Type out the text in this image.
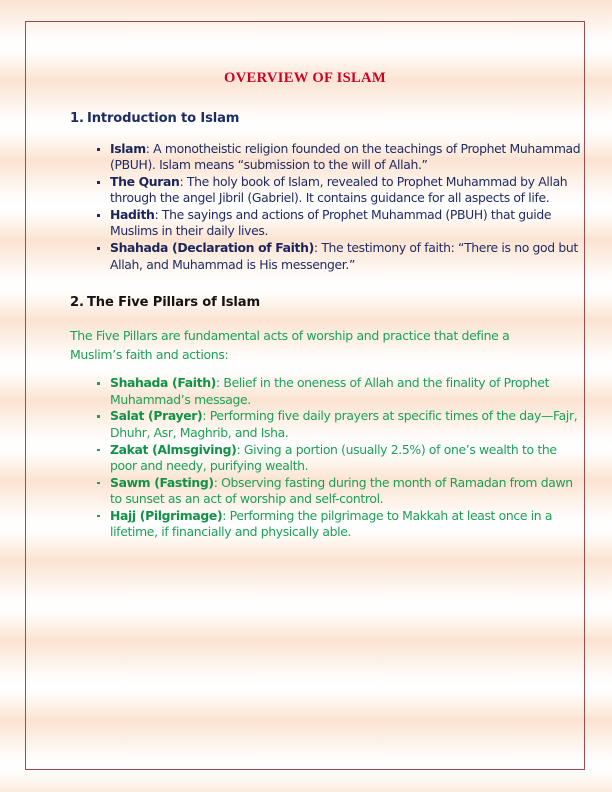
OVERVIEW OF ISLAM
1. Introduction to Islam
Islam: A monotheistic religion founded on the teachings of Prophet Muhammad (PBUH). Islam means “submission to the will of Allah.”
The Quran: The holy book of Islam, revealed to Prophet Muhammad by Allah through the angel Jibril (Gabriel). It contains guidance for all aspects of life.
Hadith: The sayings and actions of Prophet Muhammad (PBUH) that guide Muslims in their daily lives.
Shahada (Declaration of Faith): The testimony of faith: “There is no god but Allah, and Muhammad is His messenger.”
2. The Five Pillars of Islam

The Five Pillars are fundamental acts of worship and practice that define a Muslim’s faith and actions:

Shahada (Faith): Belief in the oneness of Allah and the finality of Prophet Muhammad’s message.
Salat (Prayer): Performing five daily prayers at specific times of the day—Fajr, Dhuhr, Asr, Maghrib, and Isha.
Zakat (Almsgiving): Giving a portion (usually 2.5%) of one’s wealth to the poor and needy, purifying wealth.
Sawm (Fasting): Observing fasting during the month of Ramadan from dawn to sunset as an act of worship and self-control.
Hajj (Pilgrimage): Performing the pilgrimage to Makkah at least once in a lifetime, if financially and physically able.
